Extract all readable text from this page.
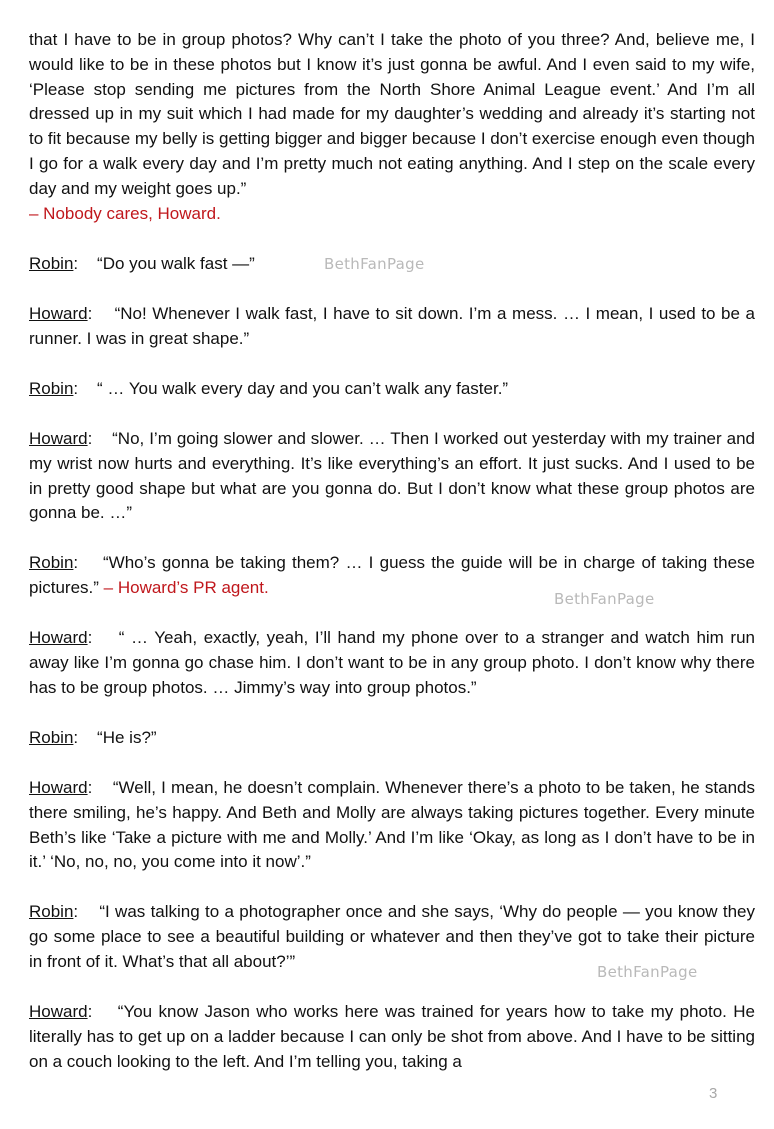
that I have to be in group photos? Why can’t I take the photo of you three? And, believe me, I would like to be in these photos but I know it’s just gonna be awful. And I even said to my wife, ‘Please stop sending me pictures from the North Shore Animal League event.’ And I’m all dressed up in my suit which I had made for my daughter’s wedding and already it’s starting not to fit because my belly is getting bigger and bigger because I don’t exercise enough even though I go for a walk every day and I’m pretty much not eating anything. And I step on the scale every day and my weight goes up.”
– Nobody cares, Howard.

Robin:    “Do you walk fast —”

Howard:    “No! Whenever I walk fast, I have to sit down. I’m a mess. … I mean, I used to be a runner. I was in great shape.”

Robin:    “ … You walk every day and you can’t walk any faster.”

Howard:    “No, I’m going slower and slower. … Then I worked out yesterday with my trainer and my wrist now hurts and everything. It’s like everything’s an effort. It just sucks. And I used to be in pretty good shape but what are you gonna do. But I don’t know what these group photos are gonna be. …”

Robin:    “Who’s gonna be taking them? … I guess the guide will be in charge of taking these pictures.” – Howard’s PR agent.

Howard:    “ … Yeah, exactly, yeah, I’ll hand my phone over to a stranger and watch him run away like I’m gonna go chase him. I don’t want to be in any group photo. I don’t know why there has to be group photos. … Jimmy’s way into group photos.”

Robin:    “He is?”

Howard:    “Well, I mean, he doesn’t complain. Whenever there’s a photo to be taken, he stands there smiling, he’s happy. And Beth and Molly are always taking pictures together. Every minute Beth’s like ‘Take a picture with me and Molly.’ And I’m like ‘Okay, as long as I don’t have to be in it.’ ‘No, no, no, you come into it now’.”

Robin:    “I was talking to a photographer once and she says, ‘Why do people — you know they go some place to see a beautiful building or whatever and then they’ve got to take their picture in front of it. What’s that all about?’”

Howard:    “You know Jason who works here was trained for years how to take my photo. He literally has to get up on a ladder because I can only be shot from above. And I have to be sitting on a couch looking to the left. And I’m telling you, taking a

BethFanPage
BethFanPage
BethFanPage
3
